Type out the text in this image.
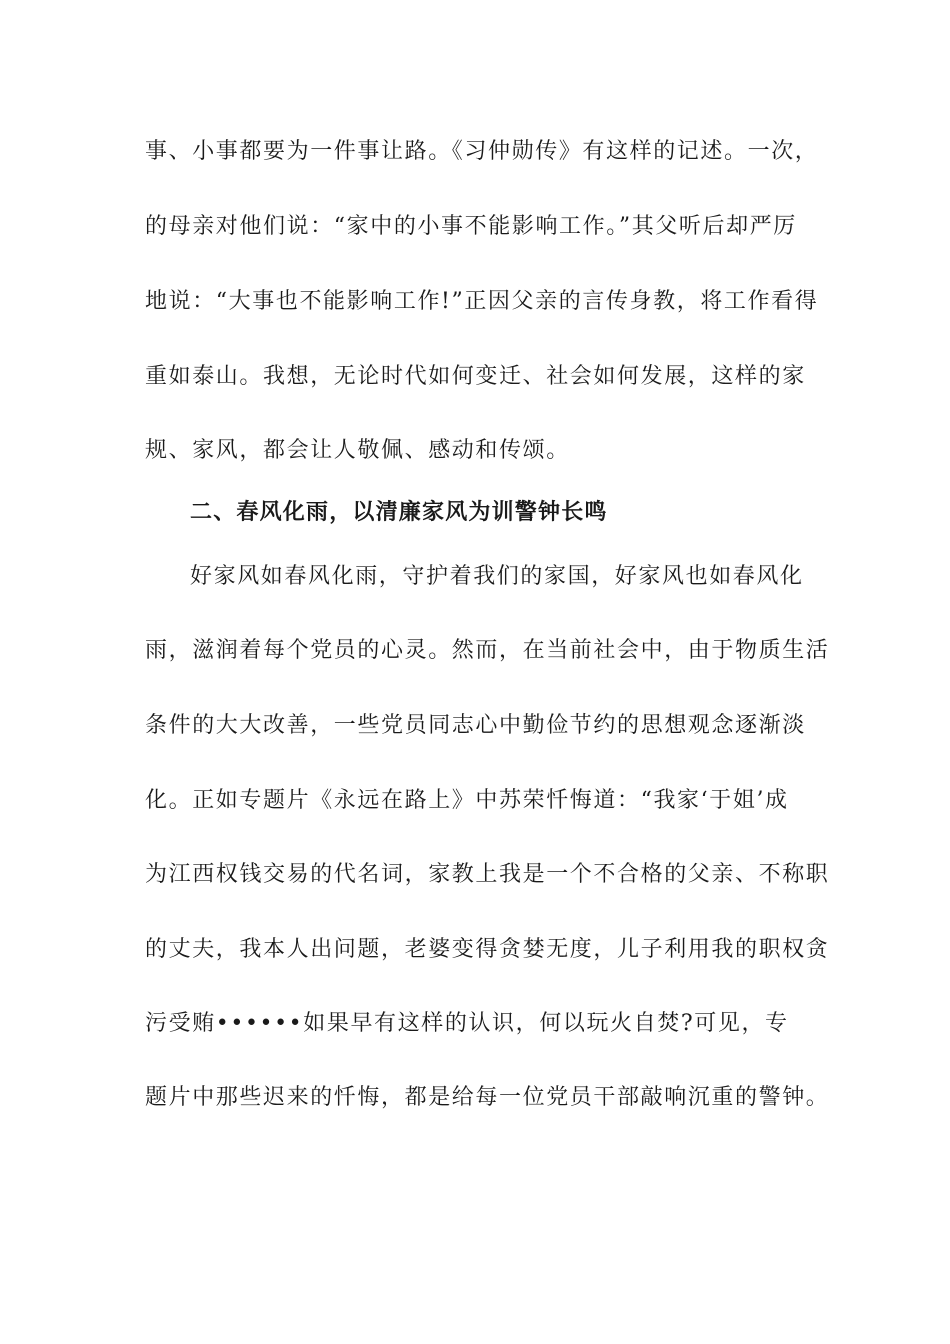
事、小事都要为一件事让路。《习仲勋传》有这样的记述。一次，
的母亲对他们说：“家中的小事不能影响工作。”其父听后却严厉
地说：“大事也不能影响工作!”正因父亲的言传身教，将工作看得
重如泰山。我想，无论时代如何变迁、社会如何发展，这样的家
规、家风，都会让人敬佩、感动和传颂。
二、春风化雨，以清廉家风为训警钟长鸣
好家风如春风化雨，守护着我们的家国，好家风也如春风化
雨，滋润着每个党员的心灵。然而，在当前社会中，由于物质生活
条件的大大改善，一些党员同志心中勤俭节约的思想观念逐渐淡
化。正如专题片《永远在路上》中苏荣忏悔道：“我家‘于姐’成
为江西权钱交易的代名词，家教上我是一个不合格的父亲、不称职
的丈夫，我本人出问题，老婆变得贪婪无度，儿子利用我的职权贪
污受贿••••••如果早有这样的认识，何以玩火自焚?可见，专
题片中那些迟来的忏悔，都是给每一位党员干部敲响沉重的警钟。
